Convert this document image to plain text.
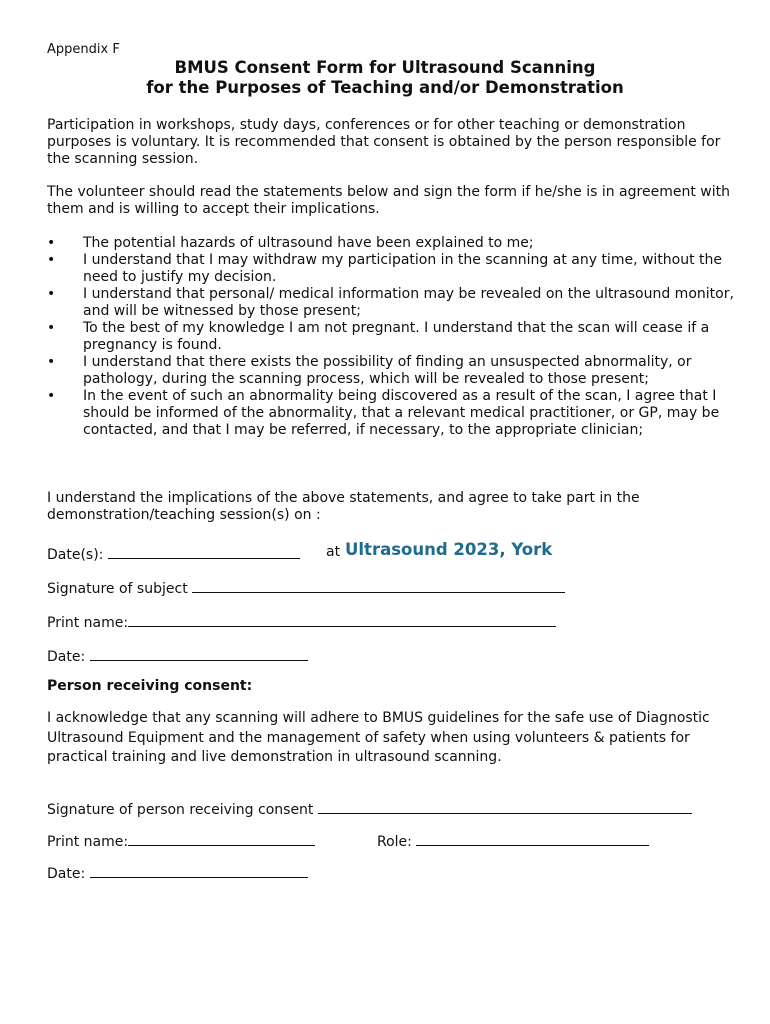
Appendix F
BMUS Consent Form for Ultrasound Scanning
for the Purposes of Teaching and/or Demonstration

Participation in workshops, study days, conferences or for other teaching or demonstration purposes is voluntary. It is recommended that consent is obtained by the person responsible for the scanning session.

The volunteer should read the statements below and sign the form if he/she is in agreement with them and is willing to accept their implications.

• The potential hazards of ultrasound have been explained to me;
• I understand that I may withdraw my participation in the scanning at any time, without the need to justify my decision.
• I understand that personal/ medical information may be revealed on the ultrasound monitor, and will be witnessed by those present;
• To the best of my knowledge I am not pregnant. I understand that the scan will cease if a pregnancy is found.
• I understand that there exists the possibility of finding an unsuspected abnormality, or pathology, during the scanning process, which will be revealed to those present;
• In the event of such an abnormality being discovered as a result of the scan, I agree that I should be informed of the abnormality, that a relevant medical practitioner, or GP, may be contacted, and that I may be referred, if necessary, to the appropriate clinician;

I understand the implications of the above statements, and agree to take part in the demonstration/teaching session(s) on :

Date(s):	at Ultrasound 2023, York
Signature of subject
Print name:
Date:
Person receiving consent:

I acknowledge that any scanning will adhere to BMUS guidelines for the safe use of Diagnostic Ultrasound Equipment and the management of safety when using volunteers & patients for practical training and live demonstration in ultrasound scanning.

Signature of person receiving consent
Print name:	Role:
Date:
